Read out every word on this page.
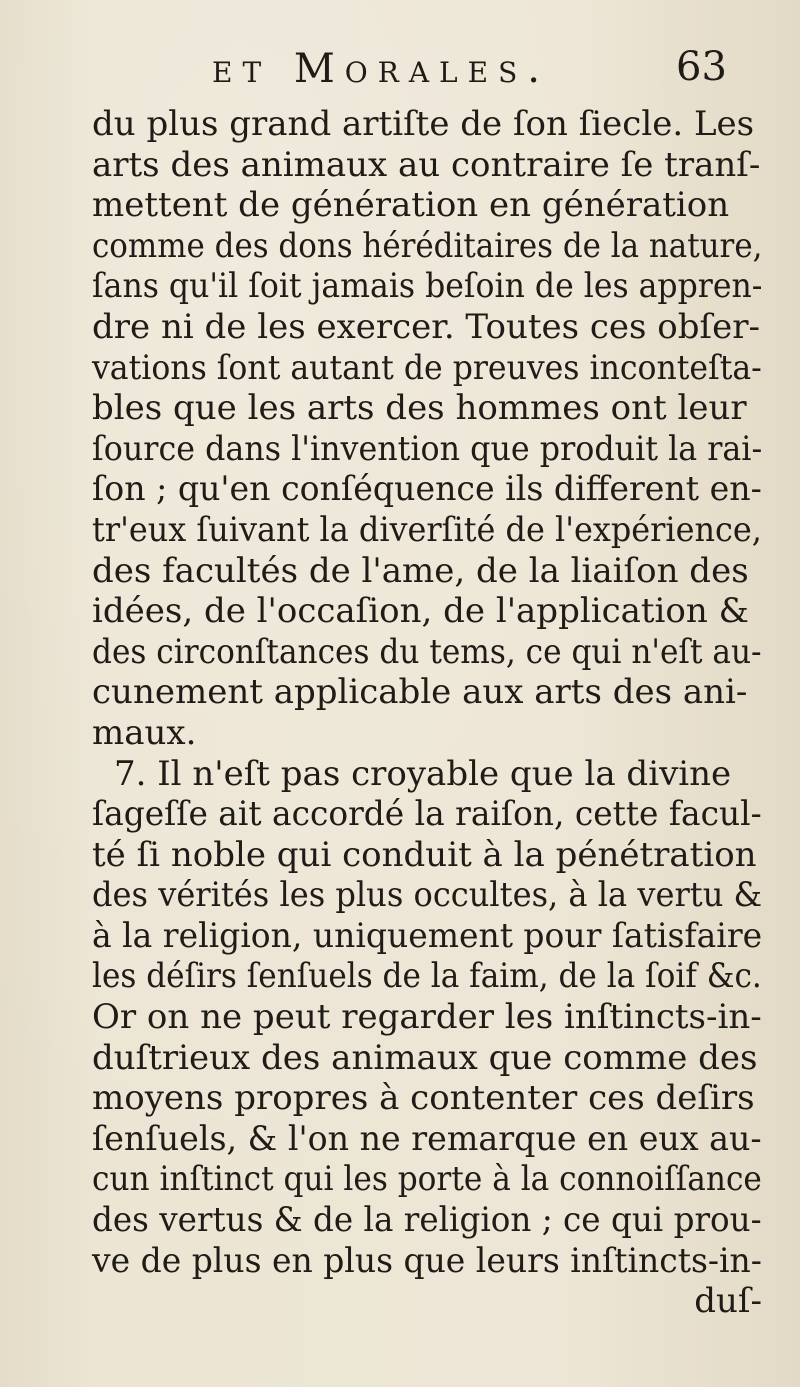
et Morales.	63
du plus grand artiſte de ſon ſiecle. Les
arts des animaux au contraire ſe tranſ-
mettent de génération en génération
comme des dons héréditaires de la nature,
ſans qu'il ſoit jamais beſoin de les appren-
dre ni de les exercer. Toutes ces obſer-
vations ſont autant de preuves inconteſta-
bles que les arts des hommes ont leur
ſource dans l'invention que produit la rai-
ſon ; qu'en conſéquence ils different en-
tr'eux ſuivant la diverſité de l'expérience,
des facultés de l'ame, de la liaiſon des
idées, de l'occaſion, de l'application &
des circonſtances du tems, ce qui n'eſt au-
cunement applicable aux arts des ani-
maux.
7. Il n'eſt pas croyable que la divine
ſageſſe ait accordé la raiſon, cette facul-
té ſi noble qui conduit à la pénétration
des vérités les plus occultes, à la vertu &
à la religion, uniquement pour ſatisfaire
les déſirs ſenſuels de la faim, de la ſoif &c.
Or on ne peut regarder les inſtincts-in-
duſtrieux des animaux que comme des
moyens propres à contenter ces deſirs
ſenſuels, & l'on ne remarque en eux au-
cun inſtinct qui les porte à la connoiſſance
des vertus & de la religion ; ce qui prou-
ve de plus en plus que leurs inſtincts-in-
duſ-
